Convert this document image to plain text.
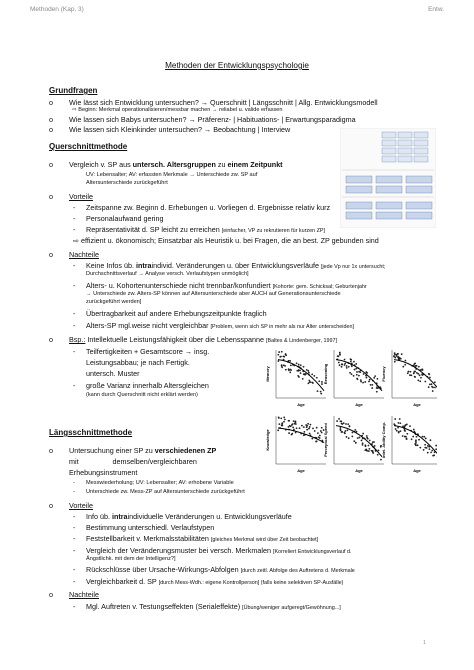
Methoden (Kap. 3)	Entw.
Methoden der Entwicklungspsychologie
Grundfragen
o Wie lässt sich Entwicklung untersuchen? → Querschnitt | Längsschnitt | Allg. Entwicklungsmodell
⇨ Beginn: Merkmal operationalisieren/messbar machen → reliabel u. valide erfassen
o Wie lassen sich Babys untersuchen? → Präferenz- | Habituations- | Erwartungsparadigma
o Wie lassen sich Kleinkinder untersuchen? → Beobachtung | Interview
Querschnittmethode
o Vergleich v. SP aus untersch. Altersgruppen zu einem Zeitpunkt
UV: Lebensalter; AV: erfassten Merkmale → Unterschiede zw. SP auf
Altersunterschiede zurückgeführt
o Vorteile
- Zeitspanne zw. Beginn d. Erhebungen u. Vorliegen d. Ergebnisse relativ kurz
- Personalaufwand gering
- Repräsentativität d. SP leicht zu erreichen [einfacher, VP zu rekrutieren für kurzen ZP]
⇨ effizient u. ökonomisch; Einsatzbar als Heuristik u. bei Fragen, die an best. ZP gebunden sind
o Nachteile
- Keine Infos üb. intraindivid. Veränderungen u. über Entwicklungsverläufe [jede Vp nur 1x untersucht;
Durchschnittsverlauf → Analyse versch. Verlaufstypen unmöglich]
- Alters- u. Kohortenunterschiede nicht trennbar/konfundiert [Kohorte: gem. Schicksal; Geburtenjahr
→ Unterschiede zw. Alters-SP können auf Altersunterschiede aber AUCH auf Generationsunterschiede
zurückgeführt werden]
- Übertragbarkeit auf andere Erhebungszeitpunkte fraglich
- Alters-SP mgl.weise nicht vergleichbar [Problem, wenn sich SP in mehr als nur Alter unterscheiden]
o Bsp.: Intellektuelle Leistungsfähigkeit über die Lebensspanne [Baltes & Lindenberger, 1997]
- Teilfertigkeiten + Gesamtscore → insg.
Leistungsabbau; je nach Fertigk.
untersch. Muster
- große Varianz innerhalb Altersgleichen
(kann durch Querschnitt nicht erklärt werden)
Memory
Age
Reasoning
Age
Fluency
Age
Knowledge
Age
Perceptual Speed
Age
Intel. Ability Comp.
Age
Längsschnittmethode
o Untersuchung einer SP zu verschiedenen ZP
mit                 demselben/vergleichbaren
Erhebungsinstrument
- Messwiederholung; UV: Lebensalter; AV: erhobene Variable
- Unterschiede zw. Mess-ZP auf Altersunterschiede zurückgeführt
o Vorteile
- Info üb. intraindividuelle Veränderungen u. Entwicklungsverläufe
- Bestimmung unterschiedl. Verlaufstypen
- Feststellbarkeit v. Merkmalsstabilitäten [gleiches Merkmal wird über Zeit beobachtet]
- Vergleich der Veränderungsmuster bei versch. Merkmalen [Korreliert Entwicklungsverlauf d.
Ängstlichk. mit dem der Intelligenz?]
- Rückschlüsse über Ursache-Wirkungs-Abfolgen [durch zeitl. Abfolge des Auftretens d. Merkmale
- Vergleichbarkeit d. SP [durch Mess-Wdh.: eigene Kontrollperson] (falls keine selektiven SP-Ausfälle)
o Nachteile
- Mgl. Auftreten v. Testungseffekten (Serialeffekte) [Übung/weniger aufgeregt/Gewöhnung...]
1
